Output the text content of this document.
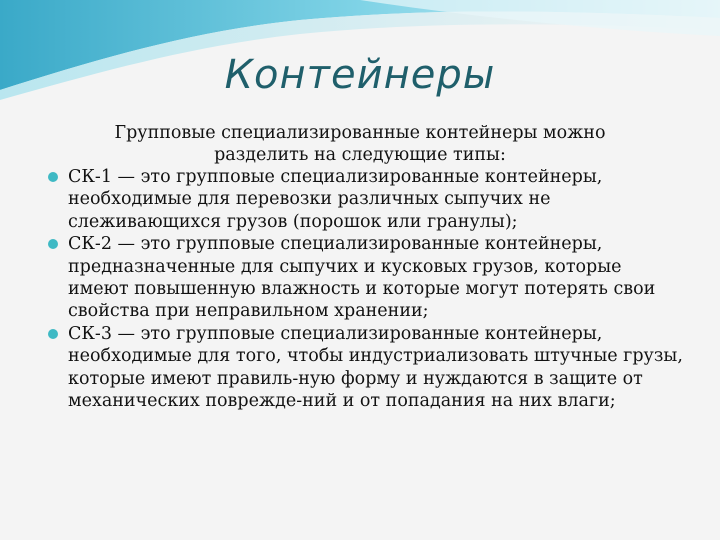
Контейнеры
Групповые специализированные контейнеры можно разделить на следующие типы:
СК-1 — это групповые специализированные контейнеры, необходимые для перевозки различных сыпучих не слеживающихся грузов (порошок или гранулы);
СК-2 — это групповые специализированные контейнеры, предназначенные для сыпучих и кусковых грузов, которые имеют повышенную влажность и которые могут потерять свои свойства при неправильном хранении;
СК-3 — это групповые специализированные контейнеры, необходимые для того, чтобы индустриализовать штучные грузы, которые имеют правиль-ную форму и нуждаются в защите от механических поврежде-ний и от попадания на них влаги;
